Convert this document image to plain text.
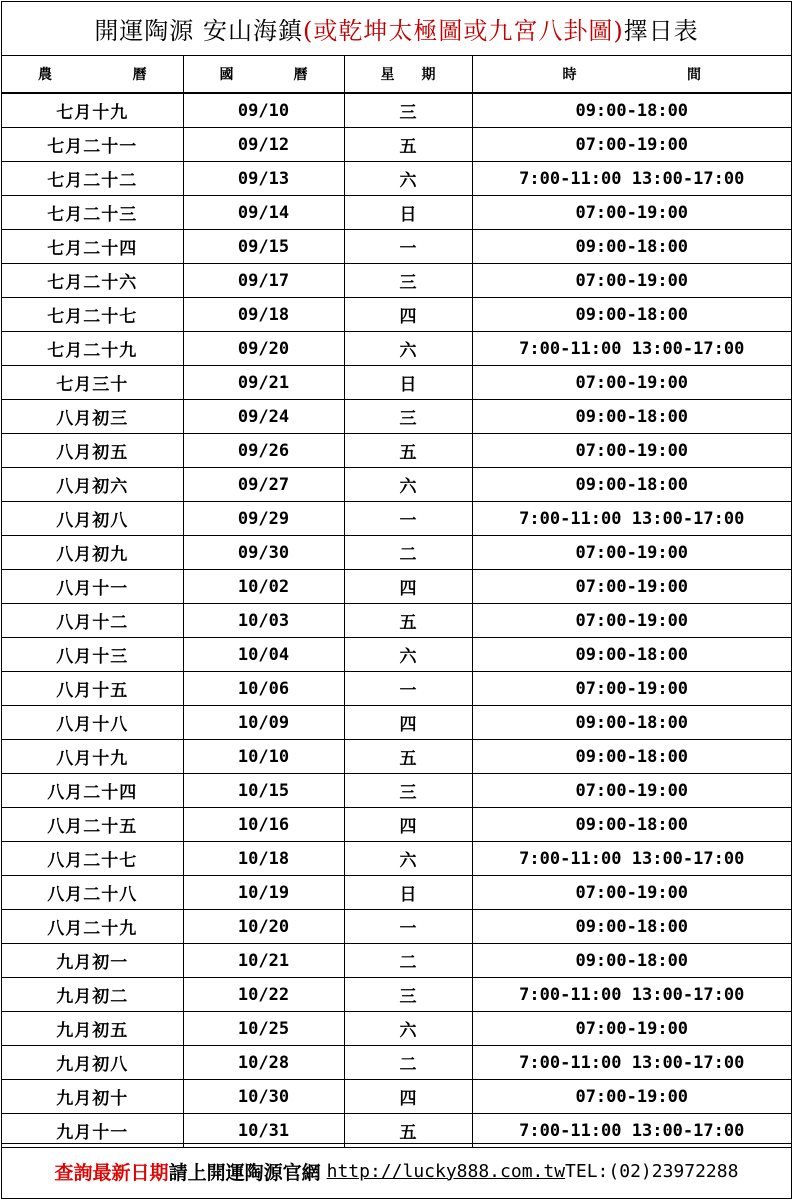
開運陶源 安山海鎮 (或乾坤太極圖或九宮八卦圖) 擇日表
農 曆	國 曆	星 期	時 間

七月十九	09/10	三	09:00-18:00
七月二十一	09/12	五	07:00-19:00
七月二十二	09/13	六	7:00-11:00 13:00-17:00
七月二十三	09/14	日	07:00-19:00
七月二十四	09/15	一	09:00-18:00
七月二十六	09/17	三	07:00-19:00
七月二十七	09/18	四	09:00-18:00
七月二十九	09/20	六	7:00-11:00 13:00-17:00
七月三十	09/21	日	07:00-19:00
八月初三	09/24	三	09:00-18:00
八月初五	09/26	五	07:00-19:00
八月初六	09/27	六	09:00-18:00
八月初八	09/29	一	7:00-11:00 13:00-17:00
八月初九	09/30	二	07:00-19:00
八月十一	10/02	四	07:00-19:00
八月十二	10/03	五	07:00-19:00
八月十三	10/04	六	09:00-18:00
八月十五	10/06	一	07:00-19:00
八月十八	10/09	四	09:00-18:00
八月十九	10/10	五	09:00-18:00
八月二十四	10/15	三	07:00-19:00
八月二十五	10/16	四	09:00-18:00
八月二十七	10/18	六	7:00-11:00 13:00-17:00
八月二十八	10/19	日	07:00-19:00
八月二十九	10/20	一	09:00-18:00
九月初一	10/21	二	09:00-18:00
九月初二	10/22	三	7:00-11:00 13:00-17:00
九月初五	10/25	六	07:00-19:00
九月初八	10/28	二	7:00-11:00 13:00-17:00
九月初十	10/30	四	07:00-19:00
九月十一	10/31	五	7:00-11:00 13:00-17:00
查詢最新日期 請上開運陶源官網
http://lucky888.com.tw TEL:(02)23972288
